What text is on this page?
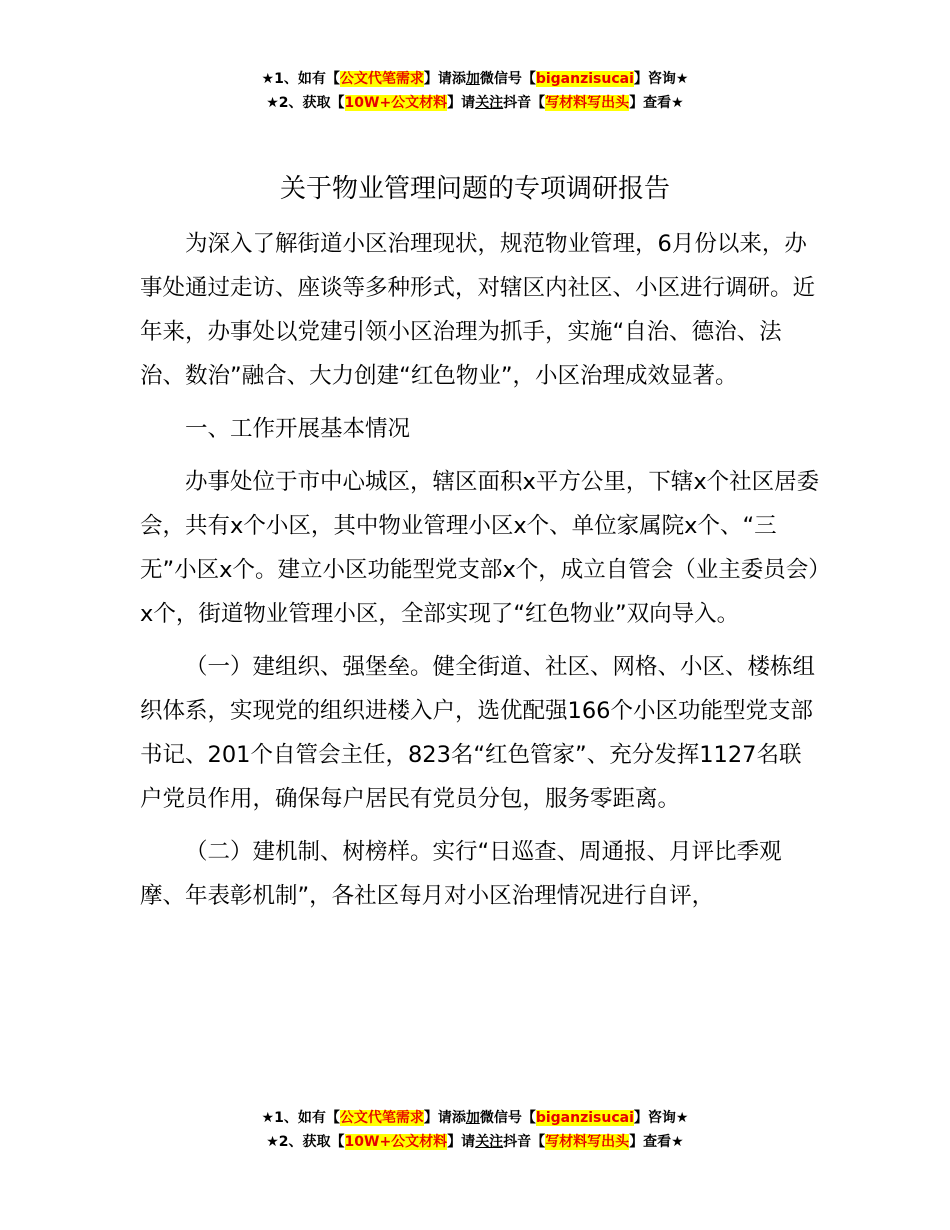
★1、如有【公文代笔需求】请添加微信号【biganzisucai】咨询★
★2、获取【10W+公文材料】请关注抖音【写材料写出头】查看★
关于物业管理问题的专项调研报告

为深入了解街道小区治理现状，规范物业管理，6月份以来，办事处通过走访、座谈等多种形式，对辖区内社区、小区进行调研。近年来，办事处以党建引领小区治理为抓手，实施“自治、德治、法治、数治”融合、大力创建“红色物业”，小区治理成效显著。

一、工作开展基本情况

办事处位于市中心城区，辖区面积x平方公里，下辖x个社区居委会，共有x个小区，其中物业管理小区x个、单位家属院x个、“三无”小区x个。建立小区功能型党支部x个，成立自管会（业主委员会）x个，街道物业管理小区，全部实现了“红色物业”双向导入。

（一）建组织、强堡垒。健全街道、社区、网格、小区、楼栋组织体系，实现党的组织进楼入户，选优配强166个小区功能型党支部书记、201个自管会主任，823名“红色管家”、充分发挥1127名联户党员作用，确保每户居民有党员分包，服务零距离。

（二）建机制、树榜样。实行“日巡查、周通报、月评比季观摩、年表彰机制”，各社区每月对小区治理情况进行自评，

★1、如有【公文代笔需求】请添加微信号【biganzisucai】咨询★
★2、获取【10W+公文材料】请关注抖音【写材料写出头】查看★
